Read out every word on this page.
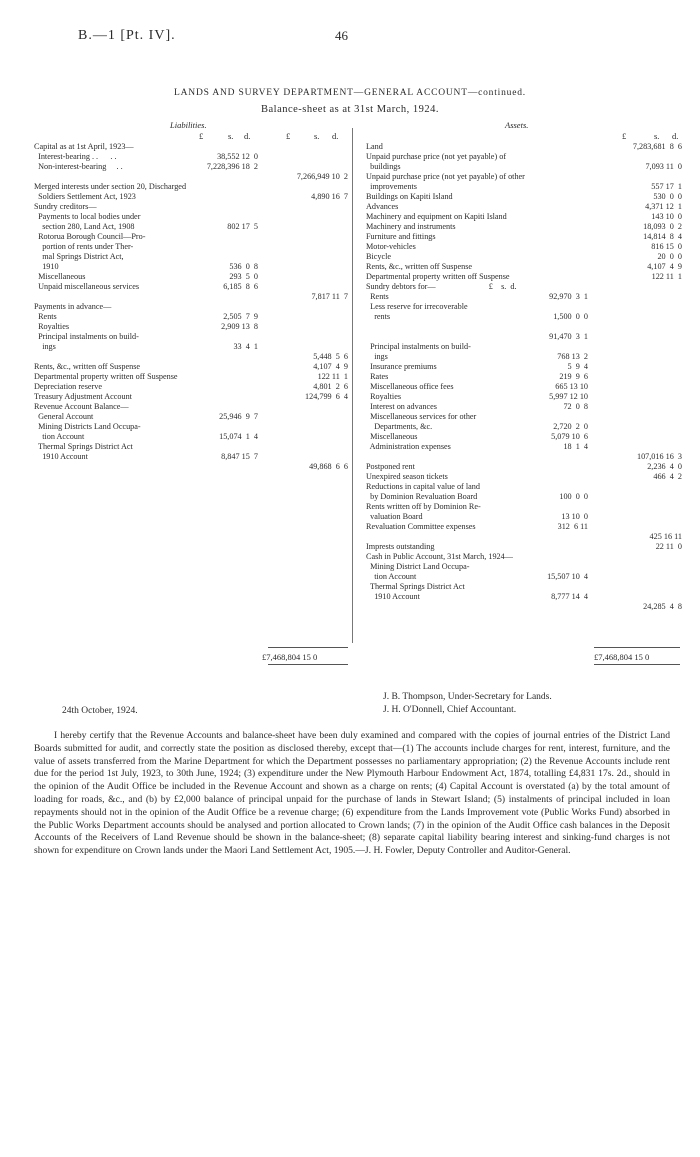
B.—1 [Pt. IV].	46
LANDS AND SURVEY DEPARTMENT—GENERAL ACCOUNT—continued.
Balance-sheet as at 31st March, 1924.
Liabilities.	Assets.
£	s. d.	£	s. d.	£	s. d.
Capital as at 1st April, 1923—
Interest-bearing . .      . .	38,552 12  0
Non-interest-bearing     . .	7,228,396 18  2
7,266,949 10  2
Merged interests under section 20, Discharged
Soldiers Settlement Act, 1923	4,890 16  7
Sundry creditors—
Payments to local bodies under
section 280, Land Act, 1908	802 17  5
Rotorua Borough Council—Pro-
portion of rents under Ther-
mal Springs District Act,
1910	536  0  8
Miscellaneous	293  5  0
Unpaid miscellaneous services	6,185  8  6
7,817 11  7
Payments in advance—
Rents	2,505  7  9
Royalties	2,909 13  8
Principal instalments on build-
ings	33  4  1
5,448  5  6
Rents, &c., written off Suspense	4,107  4  9
Departmental property written off Suspense	122 11  1
Depreciation reserve	4,801  2  6
Treasury Adjustment Account	124,799  6  4
Revenue Account Balance—
General Account	25,946  9  7
Mining Districts Land Occupa-
tion Account	15,074  1  4
Thermal Springs District Act
1910 Account	8,847 15  7
49,868  6  6
Land	7,283,681  8  6
Unpaid purchase price (not yet payable) of
buildings	7,093 11  0
Unpaid purchase price (not yet payable) of other
improvements	557 17  1
Buildings on Kapiti Island	530  0  0
Advances	4,371 12  1
Machinery and equipment on Kapiti Island	143 10  0
Machinery and instruments	18,093  0  2
Furniture and fittings	14,814  8  4
Motor-vehicles	816 15  0
Bicycle	20  0  0
Rents, &c., written off Suspense	4,107  4  9
Departmental property written off Suspense	122 11  1
Sundry debtors for—                          £    s.  d.
Rents	92,970  3  1
Less reserve for irrecoverable
rents	1,500  0  0
91,470  3  1
Principal instalments on build-
ings	768 13  2
Insurance premiums	5  9  4
Rates	219  9  6
Miscellaneous office fees	665 13 10
Royalties	5,997 12 10
Interest on advances	72  0  8
Miscellaneous services for other
Departments, &c.	2,720  2  0
Miscellaneous	5,079 10  6
Administration expenses	18  1  4
107,016 16  3
Postponed rent	2,236  4  0
Unexpired season tickets	466  4  2
Reductions in capital value of land
by Dominion Revaluation Board	100  0  0
Rents written off by Dominion Re-
valuation Board	13 10  0
Revaluation Committee expenses	312  6 11
425 16 11
Imprests outstanding	22 11  0
Cash in Public Account, 31st March, 1924—
Mining District Land Occupa-
tion Account	15,507 10  4
Thermal Springs District Act
1910 Account	8,777 14  4
24,285  4  8
£7,468,804 15 0	£7,468,804 15 0
J. B. Thompson, Under-Secretary for Lands.
J. H. O'Donnell, Chief Accountant.
24th October, 1924.

I hereby certify that the Revenue Accounts and balance-sheet have been duly examined and compared with the copies of journal entries of the District Land Boards submitted for audit, and correctly state the position as disclosed thereby, except that—(1) The accounts include charges for rent, interest, furniture, and the value of assets transferred from the Marine Department for which the Department possesses no parliamentary appropriation; (2) the Revenue Accounts include rent due for the period 1st July, 1923, to 30th June, 1924; (3) expenditure under the New Plymouth Harbour Endowment Act, 1874, totalling £4,831 17s. 2d., should in the opinion of the Audit Office be included in the Revenue Account and shown as a charge on rents; (4) Capital Account is overstated (a) by the total amount of loading for roads, &c., and (b) by £2,000 balance of principal unpaid for the purchase of lands in Stewart Island; (5) instalments of principal included in loan repayments should not in the opinion of the Audit Office be a revenue charge; (6) expenditure from the Lands Improvement vote (Public Works Fund) absorbed in the Public Works Department accounts should be analysed and portion allocated to Crown lands; (7) in the opinion of the Audit Office cash balances in the Deposit Accounts of the Receivers of Land Revenue should be shown in the balance-sheet; (8) separate capital liability bearing interest and sinking-fund charges is not shown for expenditure on Crown lands under the Maori Land Settlement Act, 1905.—J. H. Fowler, Deputy Controller and Auditor-General.
